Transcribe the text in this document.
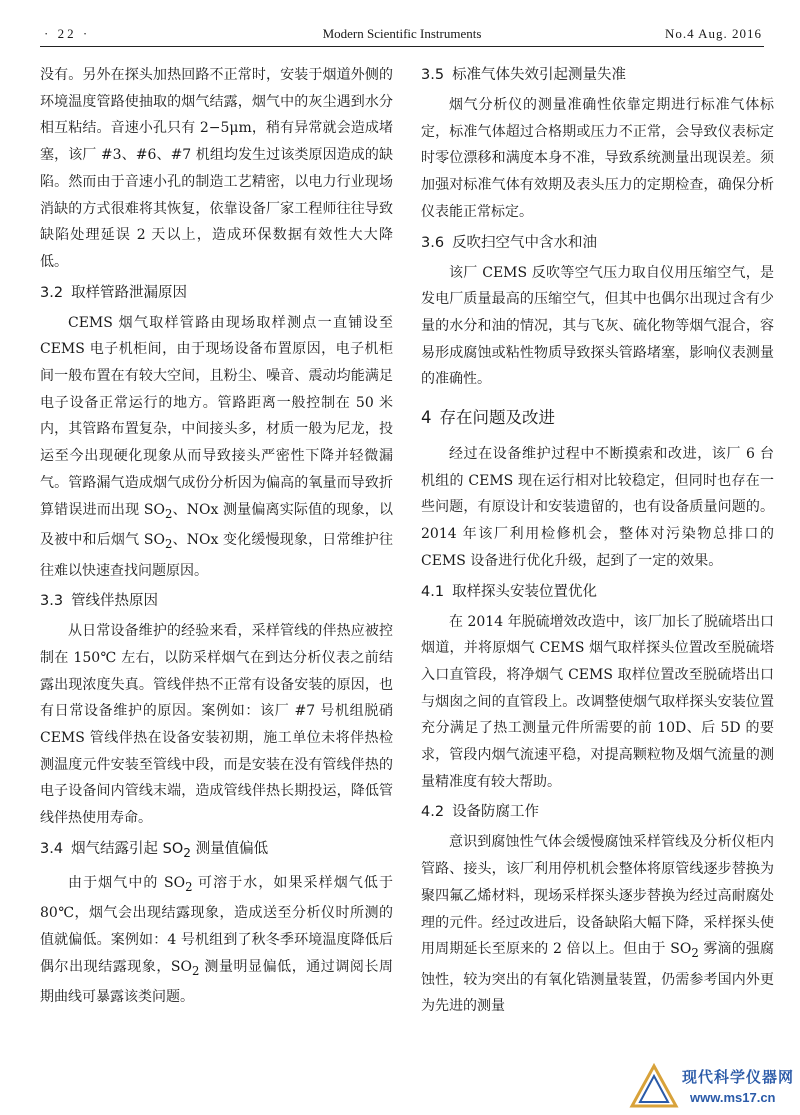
· 22 ·	Modern Scientific Instruments	No.4 Aug. 2016

没有。另外在探头加热回路不正常时，安装于烟道外侧的环境温度管路使抽取的烟气结露，烟气中的灰尘遇到水分相互粘结。音速小孔只有 2−5μm，稍有异常就会造成堵塞，该厂 #3、#6、#7 机组均发生过该类原因造成的缺陷。然而由于音速小孔的制造工艺精密，以电力行业现场消缺的方式很难将其恢复，依靠设备厂家工程师往往导致缺陷处理延误 2 天以上，造成环保数据有效性大大降低。

3.2 取样管路泄漏原因

CEMS 烟气取样管路由现场取样测点一直铺设至 CEMS 电子机柜间，由于现场设备布置原因，电子机柜间一般布置在有较大空间，且粉尘、噪音、震动均能满足电子设备正常运行的地方。管路距离一般控制在 50 米内，其管路布置复杂，中间接头多，材质一般为尼龙，投运至今出现硬化现象从而导致接头严密性下降并轻微漏气。管路漏气造成烟气成份分析因为偏高的氧量而导致折算错误进而出现 $SO_2$、NOx 测量偏离实际值的现象，以及被中和后烟气 $SO_2$、NOx 变化缓慢现象，日常维护往往难以快速查找问题原因。

3.3 管线伴热原因

从日常设备维护的经验来看，采样管线的伴热应被控制在 150℃ 左右，以防采样烟气在到达分析仪表之前结露出现浓度失真。管线伴热不正常有设备安装的原因，也有日常设备维护的原因。案例如：该厂 #7 号机组脱硝 CEMS 管线伴热在设备安装初期，施工单位未将伴热检测温度元件安装至管线中段，而是安装在没有管线伴热的电子设备间内管线末端，造成管线伴热长期投运，降低管线伴热使用寿命。

3.4 烟气结露引起 $SO_2$ 测量值偏低

由于烟气中的 $SO_2$ 可溶于水，如果采样烟气低于 80℃，烟气会出现结露现象，造成送至分析仪时所测的值就偏低。案例如：4 号机组到了秋冬季环境温度降低后偶尔出现结露现象，$SO_2$ 测量明显偏低，通过调阅长周期曲线可暴露该类问题。

3.5 标准气体失效引起测量失准

烟气分析仪的测量准确性依靠定期进行标准气体标定，标准气体超过合格期或压力不正常，会导致仪表标定时零位漂移和满度本身不准，导致系统测量出现误差。须加强对标准气体有效期及表头压力的定期检查，确保分析仪表能正常标定。

3.6 反吹扫空气中含水和油

该厂 CEMS 反吹等空气压力取自仪用压缩空气，是发电厂质量最高的压缩空气，但其中也偶尔出现过含有少量的水分和油的情况，其与飞灰、硫化物等烟气混合，容易形成腐蚀或粘性物质导致探头管路堵塞，影响仪表测量的准确性。

4 存在问题及改进

经过在设备维护过程中不断摸索和改进，该厂 6 台机组的 CEMS 现在运行相对比较稳定，但同时也存在一些问题，有原设计和安装遗留的，也有设备质量问题的。2014 年该厂利用检修机会，整体对污染物总排口的 CEMS 设备进行优化升级，起到了一定的效果。

4.1 取样探头安装位置优化

在 2014 年脱硫增效改造中，该厂加长了脱硫塔出口烟道，并将原烟气 CEMS 烟气取样探头位置改至脱硫塔入口直管段，将净烟气 CEMS 取样位置改至脱硫塔出口与烟囱之间的直管段上。改调整使烟气取样探头安装位置充分满足了热工测量元件所需要的前 10D、后 5D 的要求，管段内烟气流速平稳，对提高颗粒物及烟气流量的测量精准度有较大帮助。

4.2 设备防腐工作

意识到腐蚀性气体会缓慢腐蚀采样管线及分析仪柜内管路、接头，该厂利用停机机会整体将原管线逐步替换为聚四氟乙烯材料，现场采样探头逐步替换为经过高耐腐处理的元件。经过改进后，设备缺陷大幅下降，采样探头使用周期延长至原来的 2 倍以上。但由于 $SO_2$ 雾滴的强腐蚀性，较为突出的有氧化锆测量装置，仍需参考国内外更为先进的测量

现代科学仪器网
www.ms17.cn
